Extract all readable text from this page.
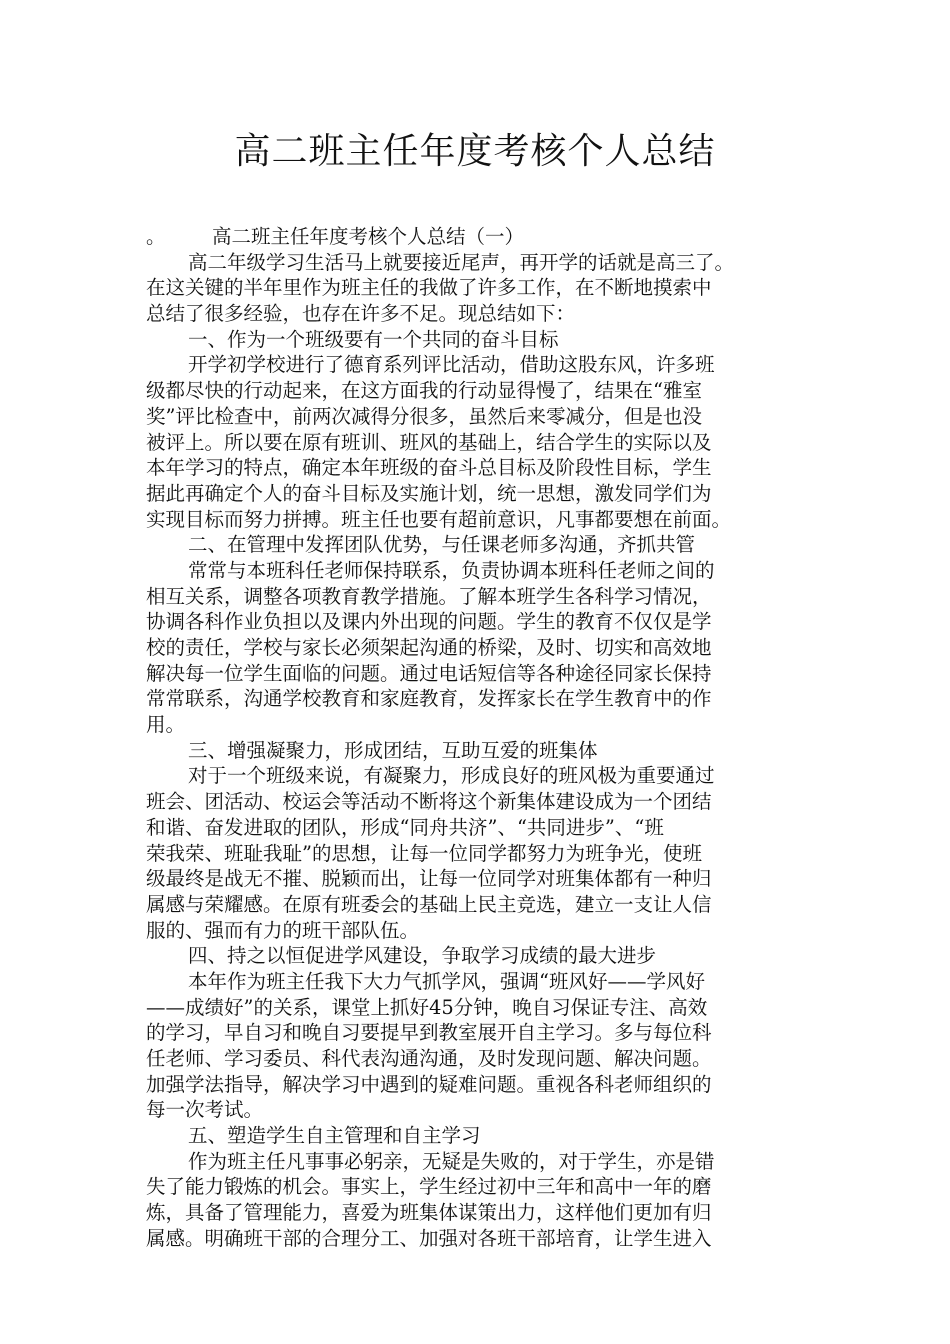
高二班主任年度考核个人总结
。 高二班主任年度考核个人总结（一）
高二年级学习生活马上就要接近尾声，再开学的话就是高三了。
在这关键的半年里作为班主任的我做了许多工作，在不断地摸索中
总结了很多经验，也存在许多不足。现总结如下：
一、作为一个班级要有一个共同的奋斗目标
开学初学校进行了德育系列评比活动，借助这股东风，许多班
级都尽快的行动起来，在这方面我的行动显得慢了，结果在“雅室
奖”评比检查中，前两次减得分很多，虽然后来零减分，但是也没
被评上。所以要在原有班训、班风的基础上，结合学生的实际以及
本年学习的特点，确定本年班级的奋斗总目标及阶段性目标，学生
据此再确定个人的奋斗目标及实施计划，统一思想，激发同学们为
实现目标而努力拼搏。班主任也要有超前意识，凡事都要想在前面。
二、在管理中发挥团队优势，与任课老师多沟通，齐抓共管
常常与本班科任老师保持联系，负责协调本班科任老师之间的
相互关系，调整各项教育教学措施。了解本班学生各科学习情况，
协调各科作业负担以及课内外出现的问题。学生的教育不仅仅是学
校的责任，学校与家长必须架起沟通的桥梁，及时、切实和高效地
解决每一位学生面临的问题。通过电话短信等各种途径同家长保持
常常联系，沟通学校教育和家庭教育，发挥家长在学生教育中的作
用。
三、增强凝聚力，形成团结，互助互爱的班集体
对于一个班级来说，有凝聚力，形成良好的班风极为重要通过
班会、团活动、校运会等活动不断将这个新集体建设成为一个团结
和谐、奋发进取的团队，形成“同舟共济”、“共同进步”、“班
荣我荣、班耻我耻”的思想，让每一位同学都努力为班争光，使班
级最终是战无不摧、脱颖而出，让每一位同学对班集体都有一种归
属感与荣耀感。在原有班委会的基础上民主竞选，建立一支让人信
服的、强而有力的班干部队伍。
四、持之以恒促进学风建设，争取学习成绩的最大进步
本年作为班主任我下大力气抓学风，强调“班风好——学风好
——成绩好”的关系，课堂上抓好45分钟，晚自习保证专注、高效
的学习，早自习和晚自习要提早到教室展开自主学习。多与每位科
任老师、学习委员、科代表沟通沟通，及时发现问题、解决问题。
加强学法指导，解决学习中遇到的疑难问题。重视各科老师组织的
每一次考试。
五、塑造学生自主管理和自主学习
作为班主任凡事事必躬亲，无疑是失败的，对于学生，亦是错
失了能力锻炼的机会。事实上，学生经过初中三年和高中一年的磨
炼，具备了管理能力，喜爱为班集体谋策出力，这样他们更加有归
属感。明确班干部的合理分工、加强对各班干部培育，让学生进入
